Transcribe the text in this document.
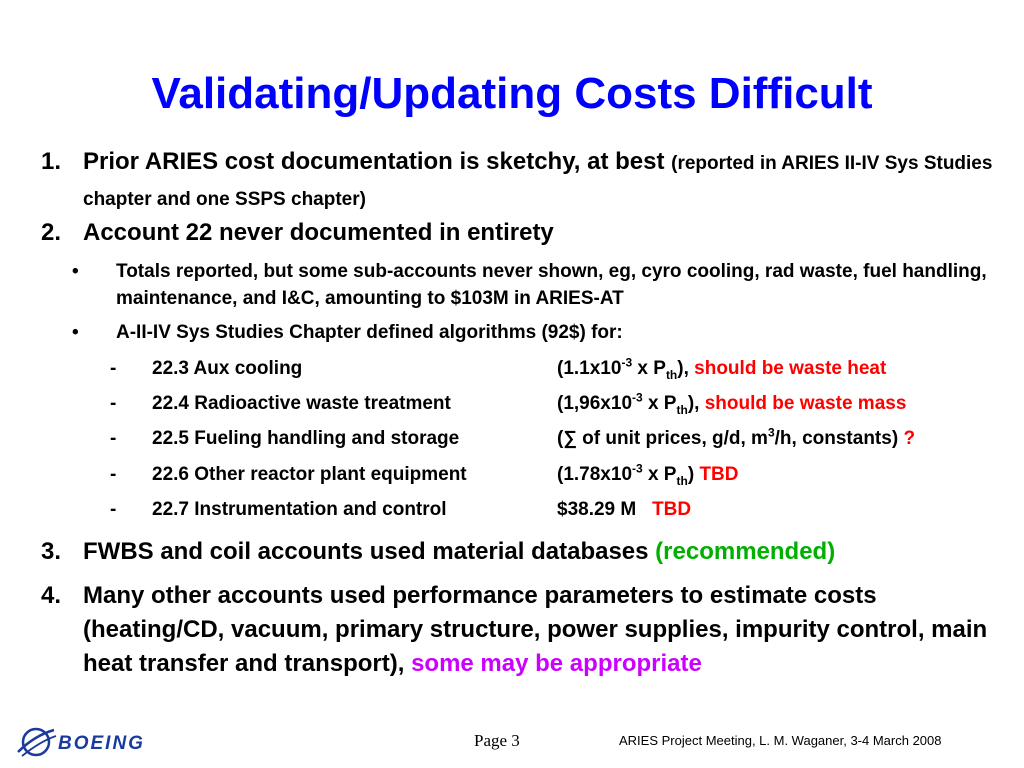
Validating/Updating Costs Difficult
1. Prior ARIES cost documentation is sketchy, at best (reported in ARIES II-IV Sys Studies chapter and one SSPS chapter)
2. Account 22 never documented in entirety
• Totals reported, but some sub-accounts never shown, eg, cyro cooling, rad waste, fuel handling, maintenance, and I&C, amounting to $103M in ARIES-AT
• A-II-IV Sys Studies Chapter defined algorithms (92$) for:
- 22.3 Aux cooling	($1.1x10^{-3}$ x $P_{th}$), should be waste heat
- 22.4 Radioactive waste treatment	($1,96x10^{-3}$ x $P_{th}$), should be waste mass
- 22.5 Fueling handling and storage	(∑ of unit prices, g/d, $m^3/h$, constants) ?
- 22.6 Other reactor plant equipment	($1.78x10^{-3}$ x $P_{th}$) TBD
- 22.7 Instrumentation and control	$38.29 M   TBD
3. FWBS and coil accounts used material databases (recommended)
4. Many other accounts used performance parameters to estimate costs (heating/CD, vacuum, primary structure, power supplies, impurity control, main heat transfer and transport), some may be appropriate
BOEING	Page 3	ARIES Project Meeting, L. M. Waganer, 3-4 March 2008
